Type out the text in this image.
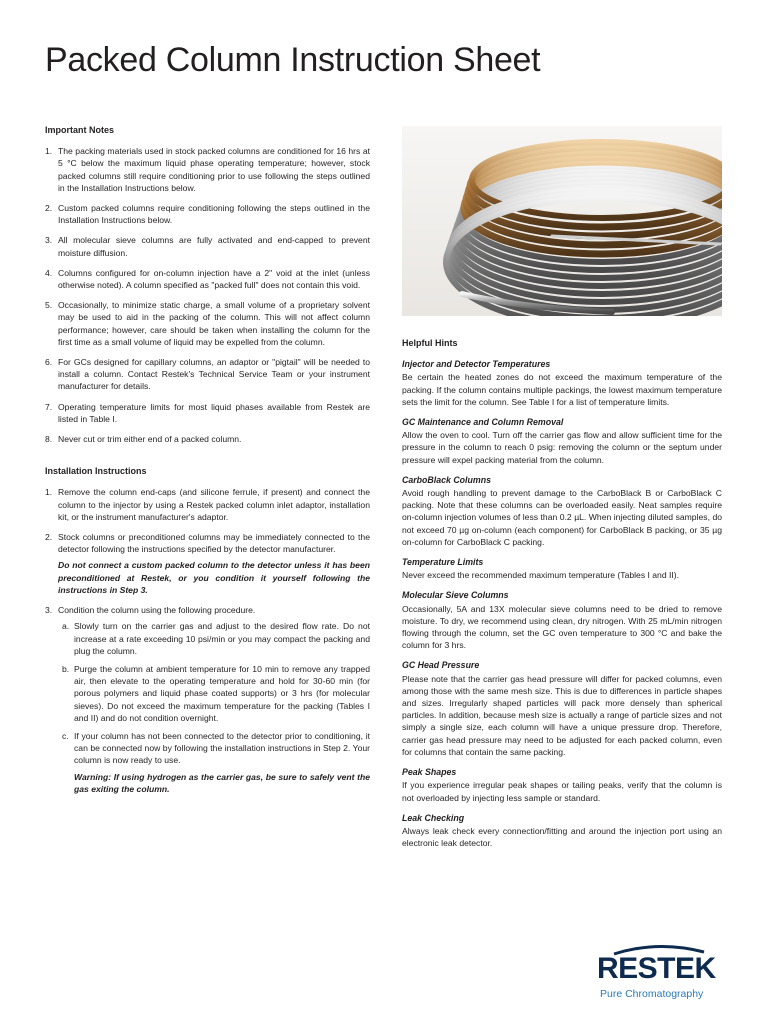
Packed Column Instruction Sheet
Important Notes
1. The packing materials used in stock packed columns are conditioned for 16 hrs at 5 °C below the maximum liquid phase operating temperature; however, stock packed columns still require conditioning prior to use following the steps outlined in the Installation Instructions below.
2. Custom packed columns require conditioning following the steps outlined in the Installation Instructions below.
3. All molecular sieve columns are fully activated and end-capped to prevent moisture diffusion.
4. Columns configured for on-column injection have a 2" void at the inlet (unless otherwise noted). A column specified as "packed full" does not contain this void.
5. Occasionally, to minimize static charge, a small volume of a proprietary solvent may be used to aid in the packing of the column. This will not affect column performance; however, care should be taken when installing the column for the first time as a small volume of liquid may be expelled from the column.
6. For GCs designed for capillary columns, an adaptor or "pigtail" will be needed to install a column. Contact Restek's Technical Service Team or your instrument manufacturer for details.
7. Operating temperature limits for most liquid phases available from Restek are listed in Table I.
8. Never cut or trim either end of a packed column.
Installation Instructions
1. Remove the column end-caps (and silicone ferrule, if present) and connect the column to the injector by using a Restek packed column inlet adaptor, installation kit, or the instrument manufacturer's adaptor.
2. Stock columns or preconditioned columns may be immediately connected to the detector following the instructions specified by the detector manufacturer.
Do not connect a custom packed column to the detector unless it has been preconditioned at Restek, or you condition it yourself following the instructions in Step 3.
3. Condition the column using the following procedure.
a. Slowly turn on the carrier gas and adjust to the desired flow rate. Do not increase at a rate exceeding 10 psi/min or you may compact the packing and plug the column.
b. Purge the column at ambient temperature for 10 min to remove any trapped air, then elevate to the operating temperature and hold for 30-60 min (for porous polymers and liquid phase coated supports) or 3 hrs (for molecular sieves). Do not exceed the maximum temperature for the packing (Tables I and II) and do not condition overnight.
c. If your column has not been connected to the detector prior to conditioning, it can be connected now by following the installation instructions in Step 2. Your column is now ready to use.
Warning: If using hydrogen as the carrier gas, be sure to safely vent the gas exiting the column.
Helpful Hints
Injector and Detector Temperatures

Be certain the heated zones do not exceed the maximum temperature of the packing. If the column contains multiple packings, the lowest maximum temperature sets the limit for the column. See Table I for a list of temperature limits.

GC Maintenance and Column Removal

Allow the oven to cool. Turn off the carrier gas flow and allow sufficient time for the pressure in the column to reach 0 psig: removing the column or the septum under pressure will expel packing material from the column.

CarboBlack Columns

Avoid rough handling to prevent damage to the CarboBlack B or CarboBlack C packing. Note that these columns can be overloaded easily. Neat samples require on-column injection volumes of less than 0.2 µL. When injecting diluted samples, do not exceed 70 µg on-column (each component) for CarboBlack B packing, or 35 µg on-column for CarboBlack C packing.

Temperature Limits

Never exceed the recommended maximum temperature (Tables I and II).

Molecular Sieve Columns

Occasionally, 5A and 13X molecular sieve columns need to be dried to remove moisture. To dry, we recommend using clean, dry nitrogen. With 25 mL/min nitrogen flowing through the column, set the GC oven temperature to 300 °C and bake the column for 3 hrs.

GC Head Pressure

Please note that the carrier gas head pressure will differ for packed columns, even among those with the same mesh size. This is due to differences in particle shapes and sizes. Irregularly shaped particles will pack more densely than spherical particles. In addition, because mesh size is actually a range of particle sizes and not simply a single size, each column will have a unique pressure drop. Therefore, carrier gas head pressure may need to be adjusted for each packed column, even for columns that contain the same packing.

Peak Shapes

If you experience irregular peak shapes or tailing peaks, verify that the column is not overloaded by injecting less sample or standard.

Leak Checking

Always leak check every connection/fitting and around the injection port using an electronic leak detector.

RESTEK
Pure Chromatography
